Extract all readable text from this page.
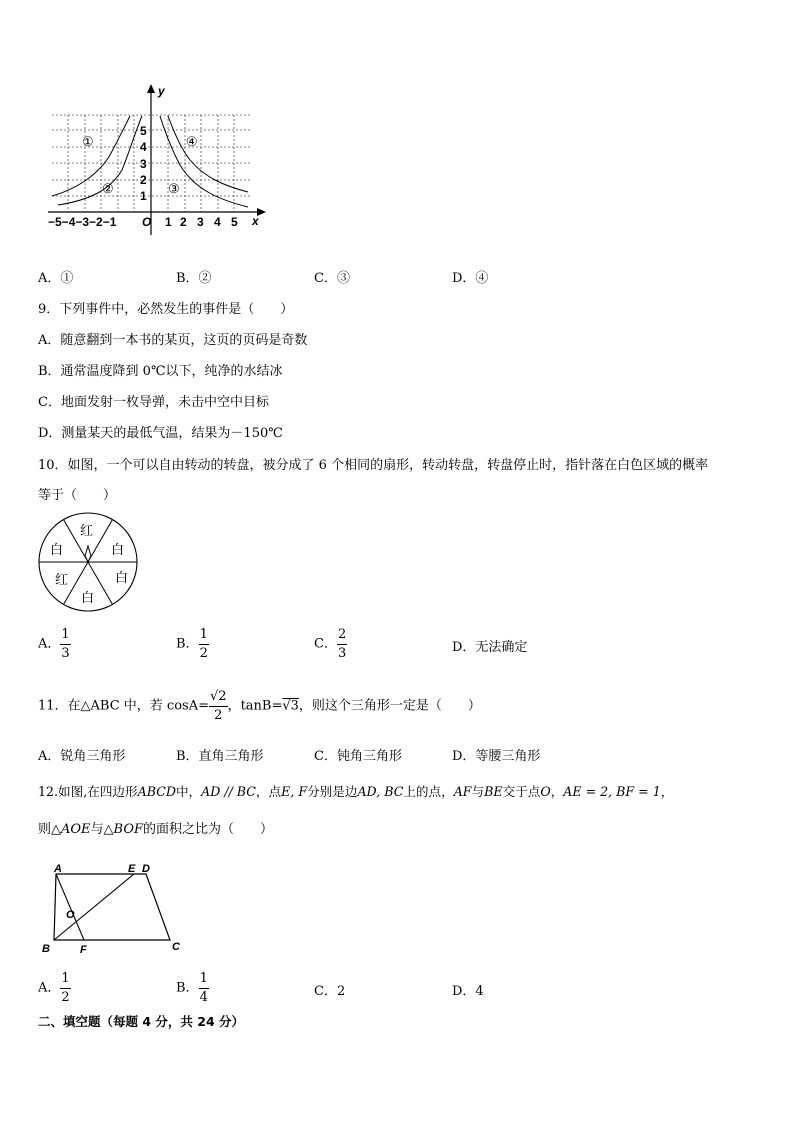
y
x
5
4
3
2
1
−5−4−3−2−1 O 1 2 3 4 5
①
②	③
④
A．①	B．②	C．③	D．④
9．下列事件中，必然发生的事件是（　　）
A．随意翻到一本书的某页，这页的页码是奇数
B．通常温度降到 0℃以下，纯净的水结冰
C．地面发射一枚导弹，未击中空中目标
D．测量某天的最低气温，结果为－150℃
10．如图，一个可以自由转动的转盘，被分成了 6 个相同的扇形，转动转盘，转盘停止时，指针落在白色区域的概率
等于（　　）
红
白
白
白
白
红
A． $\frac{1}{3}$	B． $\frac{1}{2}$	C． $\frac{2}{3}$	D．无法确定
11．在△ABC 中，若 $\cos A= \frac{√2}{2}$ ，tanB=√3，则这个三角形一定是（　　）
A．锐角三角形	B．直角三角形	C．钝角三角形	D．等腰三角形
12.如图,在四边形ABCD中，AD // BC，点E, F分别是边AD, BC上的点，AF与BE交于点O，AE = 2, BF = 1，
则△AOE与△BOF的面积之比为（　　）
A	E D
O
B	F	C
A． $\frac{1}{2}$	B． $\frac{1}{4}$	C．2	D．4
二、填空题（每题 4 分，共 24 分）
